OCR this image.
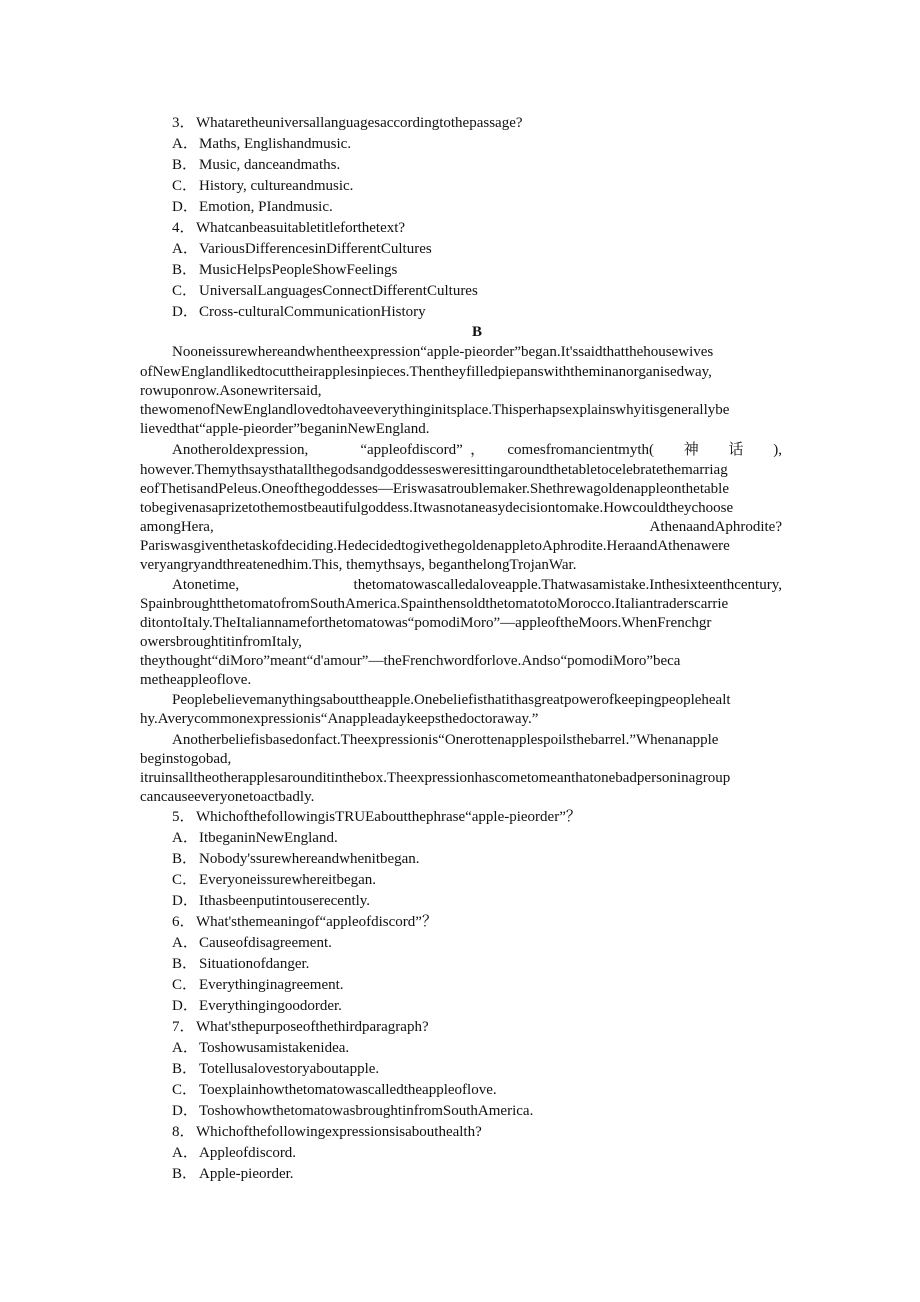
3．Whataretheuniversallanguagesaccordingtothepassage?
A．Maths, Englishandmusic.
B． Music, danceandmaths.
C． History, cultureandmusic.
D．Emotion, PIandmusic.
4．Whatcanbeasuitabletitleforthetext?
A．VariousDifferencesinDifferentCultures
B． MusicHelpsPeopleShowFeelings
C． UniversalLanguagesConnectDifferentCultures
D．Cross-culturalCommunicationHistory
B
Nooneissurewhereandwhentheexpression“apple-pieorder”began.It'ssaidthatthehousewives
ofNewEnglandlikedtocuttheirapplesinpieces.Thentheyfilledpiepanswiththeminanorganisedway,
rowuponrow.Asonewritersaid,
thewomenofNewEnglandlovedtohaveeverythinginitsplace.Thisperhapsexplainswhyitisgenerallybe
lievedthat“apple-pieorder”beganinNewEngland.
Anotheroldexpression,　　“appleofdiscord”，　comesfromancientmyth(　神　话　),
however.Themythsaysthatallthegodsandgoddessesweresittingaroundthetabletocelebratethemarriag
eofThetisandPeleus.Oneofthegoddesses—Eriswasatroublemaker.Shethrewagoldenappleonthetable
tobegivenasaprizetothemostbeautifulgoddess.Itwasnotaneasydecisiontomake.Howcouldtheychoose
amongHera,　AthenaandAphrodite?
Pariswasgiventhetaskofdeciding.HedecidedtogivethegoldenappletoAphrodite.HeraandAthenawere
veryangryandthreatenedhim.This, themythsays, beganthelongTrojanWar.
Atonetime,　thetomatowascalledaloveapple.Thatwasamistake.Inthesixteenthcentury,
SpainbroughtthetomatofromSouthAmerica.SpainthensoldthetomatotoMorocco.Italiantraderscarrie
ditontoItaly.TheItaliannameforthetomatowas“pomodiMoro”—appleoftheMoors.WhenFrenchgr
owersbroughtitinfromItaly,
theythought“diMoro”meant“d'amour”—theFrenchwordforlove.Andso“pomodiMoro”beca
metheappleoflove.
Peoplebelievemanythingsabouttheapple.Onebeliefisthatithasgreatpowerofkeepingpeoplehealt
hy.Averycommonexpressionis“Anappleadaykeepsthedoctoraway.”
Anotherbeliefisbasedonfact.Theexpressionis“Onerottenapplespoilsthebarrel.”Whenanapple
beginstogobad,
itruinsalltheotherapplesarounditinthebox.Theexpressionhascometomeanthatonebadpersoninagroup
cancauseeveryonetoactbadly.
5．WhichofthefollowingisTRUEaboutthephrase“apple-pieorder”？
A．ItbeganinNewEngland.
B． Nobody'ssurewhereandwhenitbegan.
C． Everyoneissurewhereitbegan.
D．Ithasbeenputintouserecently.
6．What'sthemeaningof“appleofdiscord”？
A．Causeofdisagreement.
B． Situationofdanger.
C． Everythinginagreement.
D．Everythingingoodorder.
7．What'sthepurposeofthethirdparagraph?
A．Toshowusamistakenidea.
B． Totellusalovestoryaboutapple.
C． Toexplainhowthetomatowascalledtheappleoflove.
D．ToshowhowthetomatowasbroughtinfromSouthAmerica.
8．Whichofthefollowingexpressionsisabouthealth?
A．Appleofdiscord.
B． Apple-pieorder.
